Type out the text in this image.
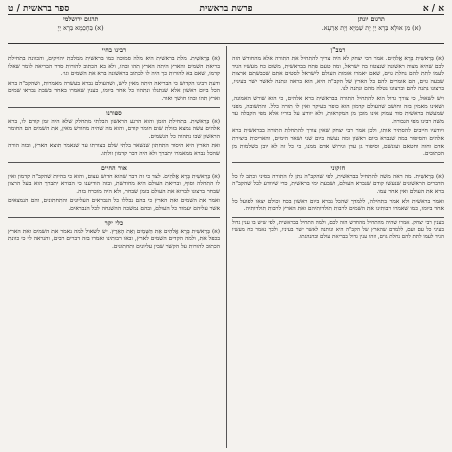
א / א
פרשת בראשית
ספר בראשית / ט
תרגום יונתן
(א) מִן אוּלָא בְּרָא יְיָ יָת שְׁמַיָּא וְיָת אַרְעָא.
תרגום ירושלמי
(א) בְּחָכְמָא בְּרָא יְיָ
רמב"ן

(א) בְּרֵאשִׁית בָּרָא אֱלֹהִים. אמר רבי יצחק לא היה צריך להתחיל את התורה אלא מהחודש הזה לכם שהיא מצוה ראשונה שנצטוו בה ישראל, ומה טעם פתח בבראשית, משום כח מעשיו הגיד לעמו לתת להם נחלת גוים, שאם יאמרו אומות העולם לישראל לסטים אתם שכבשתם ארצות שבעה גוים, הם אומרים להם כל הארץ של הקב"ה היא, הוא בראה ונתנה לאשר ישר בעיניו, ברצונו נתנה להם וברצונו נטלה מהם ונתנה לנו.

ויש לשאול, כי צורך גדול הוא להתחיל התורה בבראשית ברא אלהים, כי הוא שורש האמונה, ושאינו מאמין בזה וחושב שהעולם קדמון הוא כופר בעיקר ואין לו תורה כלל. והתשובה, מפני שמעשה בראשית סוד עמוק אינו מובן מן המקראות, ולא יוודע על בוריו אלא מפי הקבלה עד משה רבינו מפי הגבורה.

ויודעיו חייבים להסתיר אותו, ולכן אמר רבי יצחק שאין צורך להתחלת התורה בבראשית ברא אלהים והסיפור במה שנברא ביום ראשון ומה נעשה ביום שני ושאר הימים, והאריכות ביצירת אדם וחוה וחטאם ועונשם, וסיפור גן עדן וגירוש אדם ממנו, כי כל זה לא יובן בשלמות מן הכתובים.

חזקוני

(א) בְּרֵאשִׁית. מה ראה משה להתחיל בבראשית, לפי שהקב"ה נתן לו התורה בסיני וכתב לו כל הדברים הראשונים שנעשו קודם שנברא העולם, ושבעת ימי בראשית, כדי שיוודע לכל שהקב"ה ברא את העולם ואין אחר עמו.

ואמר בראשית ולא אמר בתחילה, ללמדך שהכל נברא ביום ראשון בכח וכולם יצאו לפועל כל אחד ביומו, כמו שאמרו רבותינו את השמים לרבות תולדותיהם ואת הארץ לרבות תולדותיה.

בענין רבי יצחק. אמרו שהיה מהתחיל מהחדש הזה לכם, ולמה התחיל בבראשית, לפי שיש בו ענין גדול בעיני כל עם ועם, ללמדם שהארץ של הקב"ה היא ונותנה לאשר ישר בעיניו, ולכך נאמר כח מעשיו הגיד לעמו לתת להם נחלת גוים, וזהו ענין גדול בבריאת עולם ובהנהגתו.

רבינו בחיי

(א) בְּרֵאשִׁית. מלת בראשית היא מלה סמוכה כמו בראשית ממלכת יהויקים, והכוונה בתחילת בריאת השמים והארץ היתה הארץ תהו ובהו, ולא בא הכתוב להורות סדר הבריאה לומר שאלו קדמו, שאם בא להורות כך היה לו לכתוב בראשונה ברא את השמים וגו׳.

ודעת רבינו הקדוש כי הבריאה היתה מאין ליש, ושהעולם נברא בעשרה מאמרות, ושהקב"ה ברא הכל ביום ראשון אלא שנתגלו ונתהוו כל אחד ביומו, כענין שאמרו באחד בשבת נבראו שמים וארץ תהו ובהו חושך ואור.

ספורנו

(א) בְּרֵאשִׁית. בתחילת הזמן והוא הרגע הראשון הבלתי מתחלק שלא היה זמן קודם לו, ברא אלהים עשה נמצא בזולת שום חומר קודם, והוא מה שהיה מחודש מאין, את השמים הם החומר הראשון שבו נתהוה כל הגשמים.

ואת הארץ היא היסוד התחתון שנשאר בלתי שלם בצורתו עד שנאמר תוצא הארץ, ובזה הורה שהכל נברא ממאמרו יתברך ולא היה דבר קדמון זולתו.

אור החיים

(א) בְּרֵאשִׁית בָּרָא אֱלֹהִים. לצד כי זה דבר שהוא חדוש עצום, והוא כי בהיות שהקב"ה קדמון ואין לו התחלה וסוף, ובריאת העולם היא מחודשת, ובזה הודיענו כי הבורא יתברך הוא בעל הרצון שבחר ברצונו לברוא את העולם בזמן שבחר, ולא היה מוכרח בזה.

ואמר את השמים ואת הארץ כי בהם נכללו כל הנבראים העליונים והתחתונים, והם הנמצאים אשר עליהם יעמוד כל העולם, ובהם נמשכה ההשגחה לכל הנבראים.

כלי יקר

(א) בְּרֵאשִׁית בָּרָא אֱלֹהִים אֵת הַשָּׁמַיִם וְאֵת הָאָרֶץ. יש לשאול למה נאמר את השמים ואת הארץ בכפל את, ולמה הקדים השמים לארץ, ובאו רבותינו ואמרו בזה דברים רבים, והנראה לי כי כוונת הכתוב להורות על הקשר שבין עליונים ותחתונים.
